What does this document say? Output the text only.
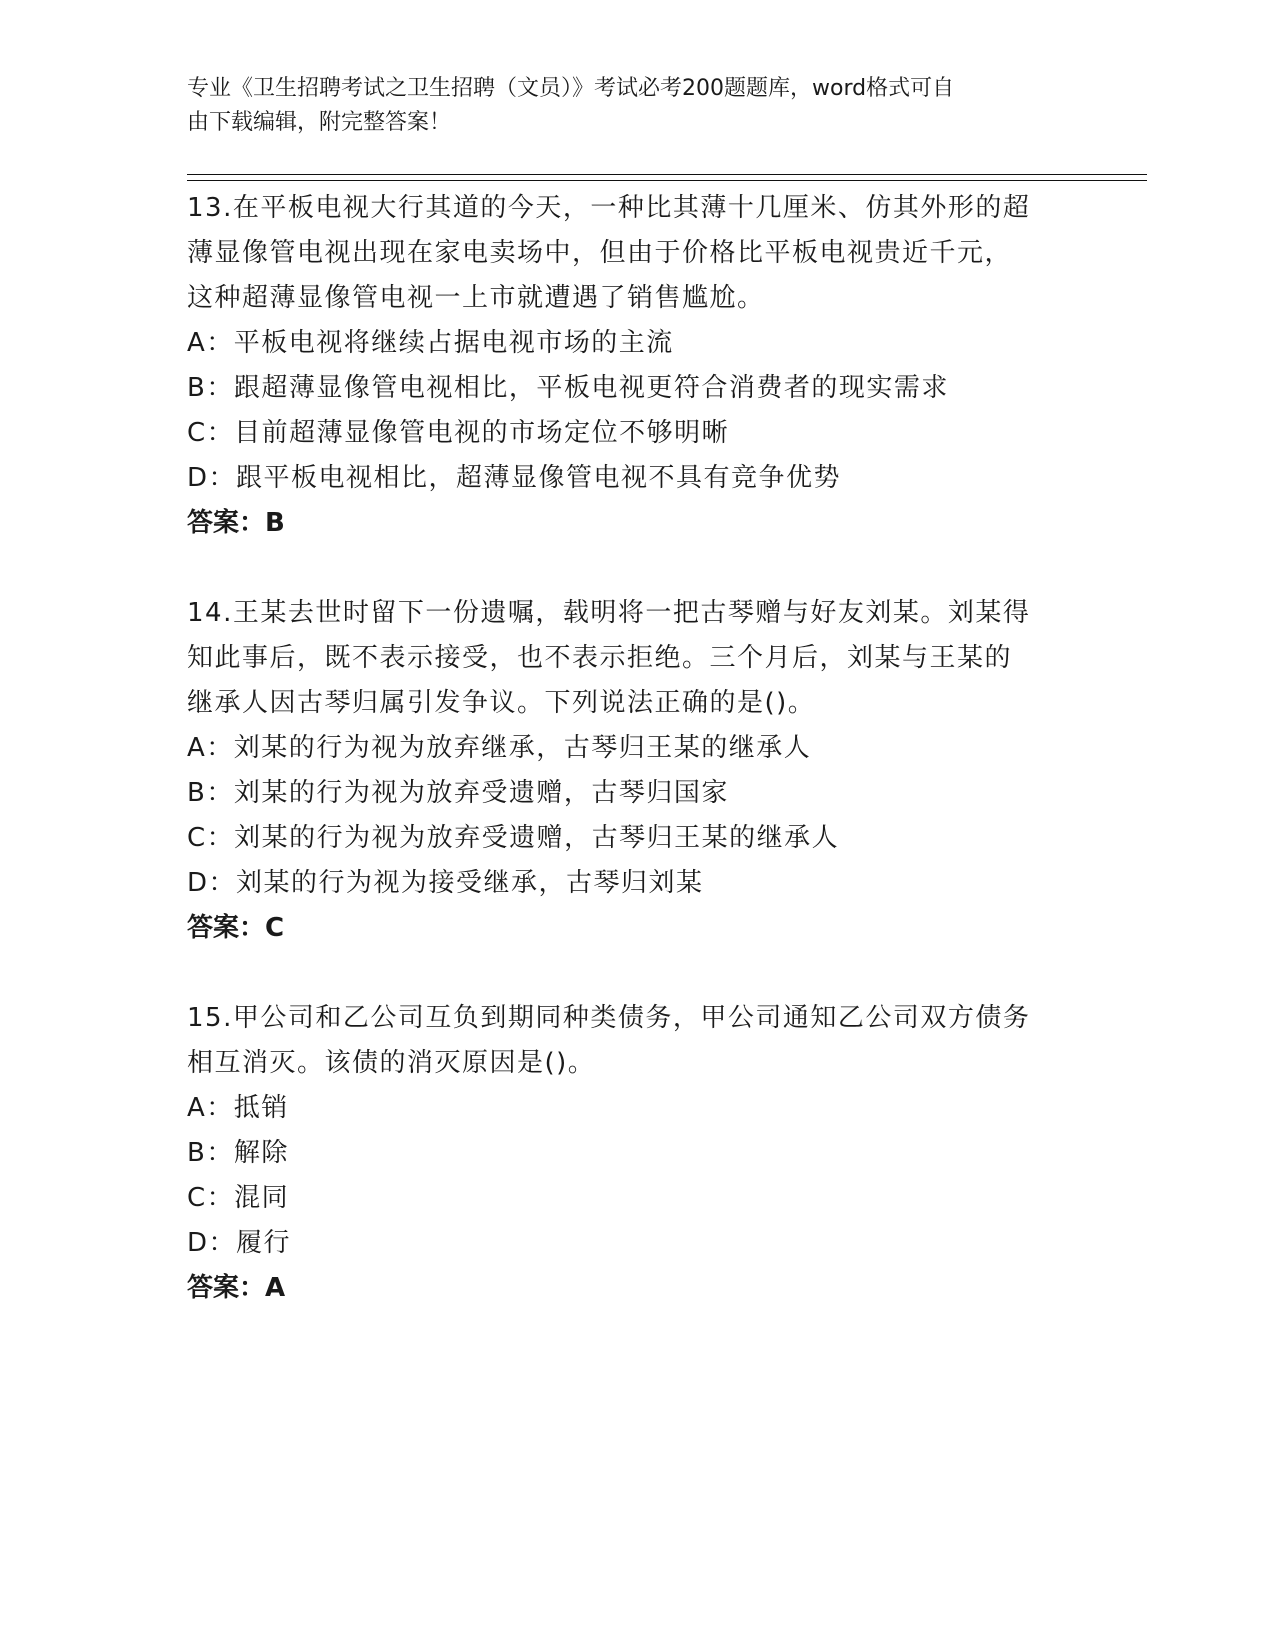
专业《卫生招聘考试之卫生招聘（文员）》考试必考200题题库，word格式可自
由下载编辑，附完整答案！
13.在平板电视大行其道的今天，一种比其薄十几厘米、仿其外形的超
薄显像管电视出现在家电卖场中，但由于价格比平板电视贵近千元，
这种超薄显像管电视一上市就遭遇了销售尴尬。
A：平板电视将继续占据电视市场的主流
B：跟超薄显像管电视相比，平板电视更符合消费者的现实需求
C：目前超薄显像管电视的市场定位不够明晰
D：跟平板电视相比，超薄显像管电视不具有竞争优势
答案：B
14.王某去世时留下一份遗嘱，载明将一把古琴赠与好友刘某。刘某得
知此事后，既不表示接受，也不表示拒绝。三个月后，刘某与王某的
继承人因古琴归属引发争议。下列说法正确的是()。
A：刘某的行为视为放弃继承，古琴归王某的继承人
B：刘某的行为视为放弃受遗赠，古琴归国家
C：刘某的行为视为放弃受遗赠，古琴归王某的继承人
D：刘某的行为视为接受继承，古琴归刘某
答案：C
15.甲公司和乙公司互负到期同种类债务，甲公司通知乙公司双方债务
相互消灭。该债的消灭原因是()。
A：抵销
B：解除
C：混同
D：履行
答案：A
